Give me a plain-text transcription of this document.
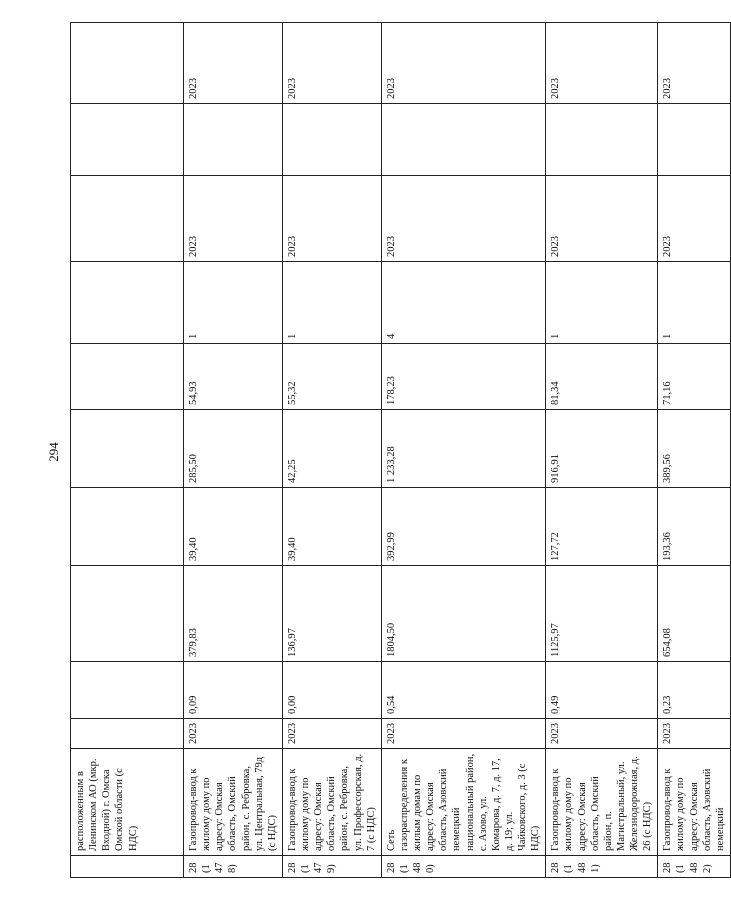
294
	расположенным в Ленинском АО (мкр. Входной) г. Омска Омской области (с НДС)										
28 (1478)	Газопровод-ввод к жилому дому по адресу: Омская область, Омский район, с. Ребровка, ул. Центральная, 79д (с НДС)	2023	0,09	379,83	39,40	285,50	54,93	1	2023		2023
28 (1479)	Газопровод-ввод к жилому дому по адресу: Омская область, Омский район, с. Ребровка, ул. Профессорская, д. 7 (с НДС)	2023	0,00	136,97	39,40	42,25	55,32	1	2023		2023
28 (1480)	Сеть газораспределения к жилым домам по адресу: Омская область, Азовский немецкий национальный район, с. Азово, ул. Комарова, д. 7, д. 17, д. 19; ул. Чайковского, д. 3 (с НДС)	2023	0,54	1804,50	392,99	1 233,28	178,23	4	2023		2023
28 (1481)	Газопровод-ввод к жилому дому по адресу: Омская область, Омский район, п. Магистральный, ул. Железнодорожная, д. 26 (с НДС)	2023	0,49	1125,97	127,72	916,91	81,34	1	2023		2023
28 (1482)	Газопровод-ввод к жилому дому по адресу: Омская область, Азовский немецкий	2023	0,23	654,08	193,36	389,56	71,16	1	2023		2023
